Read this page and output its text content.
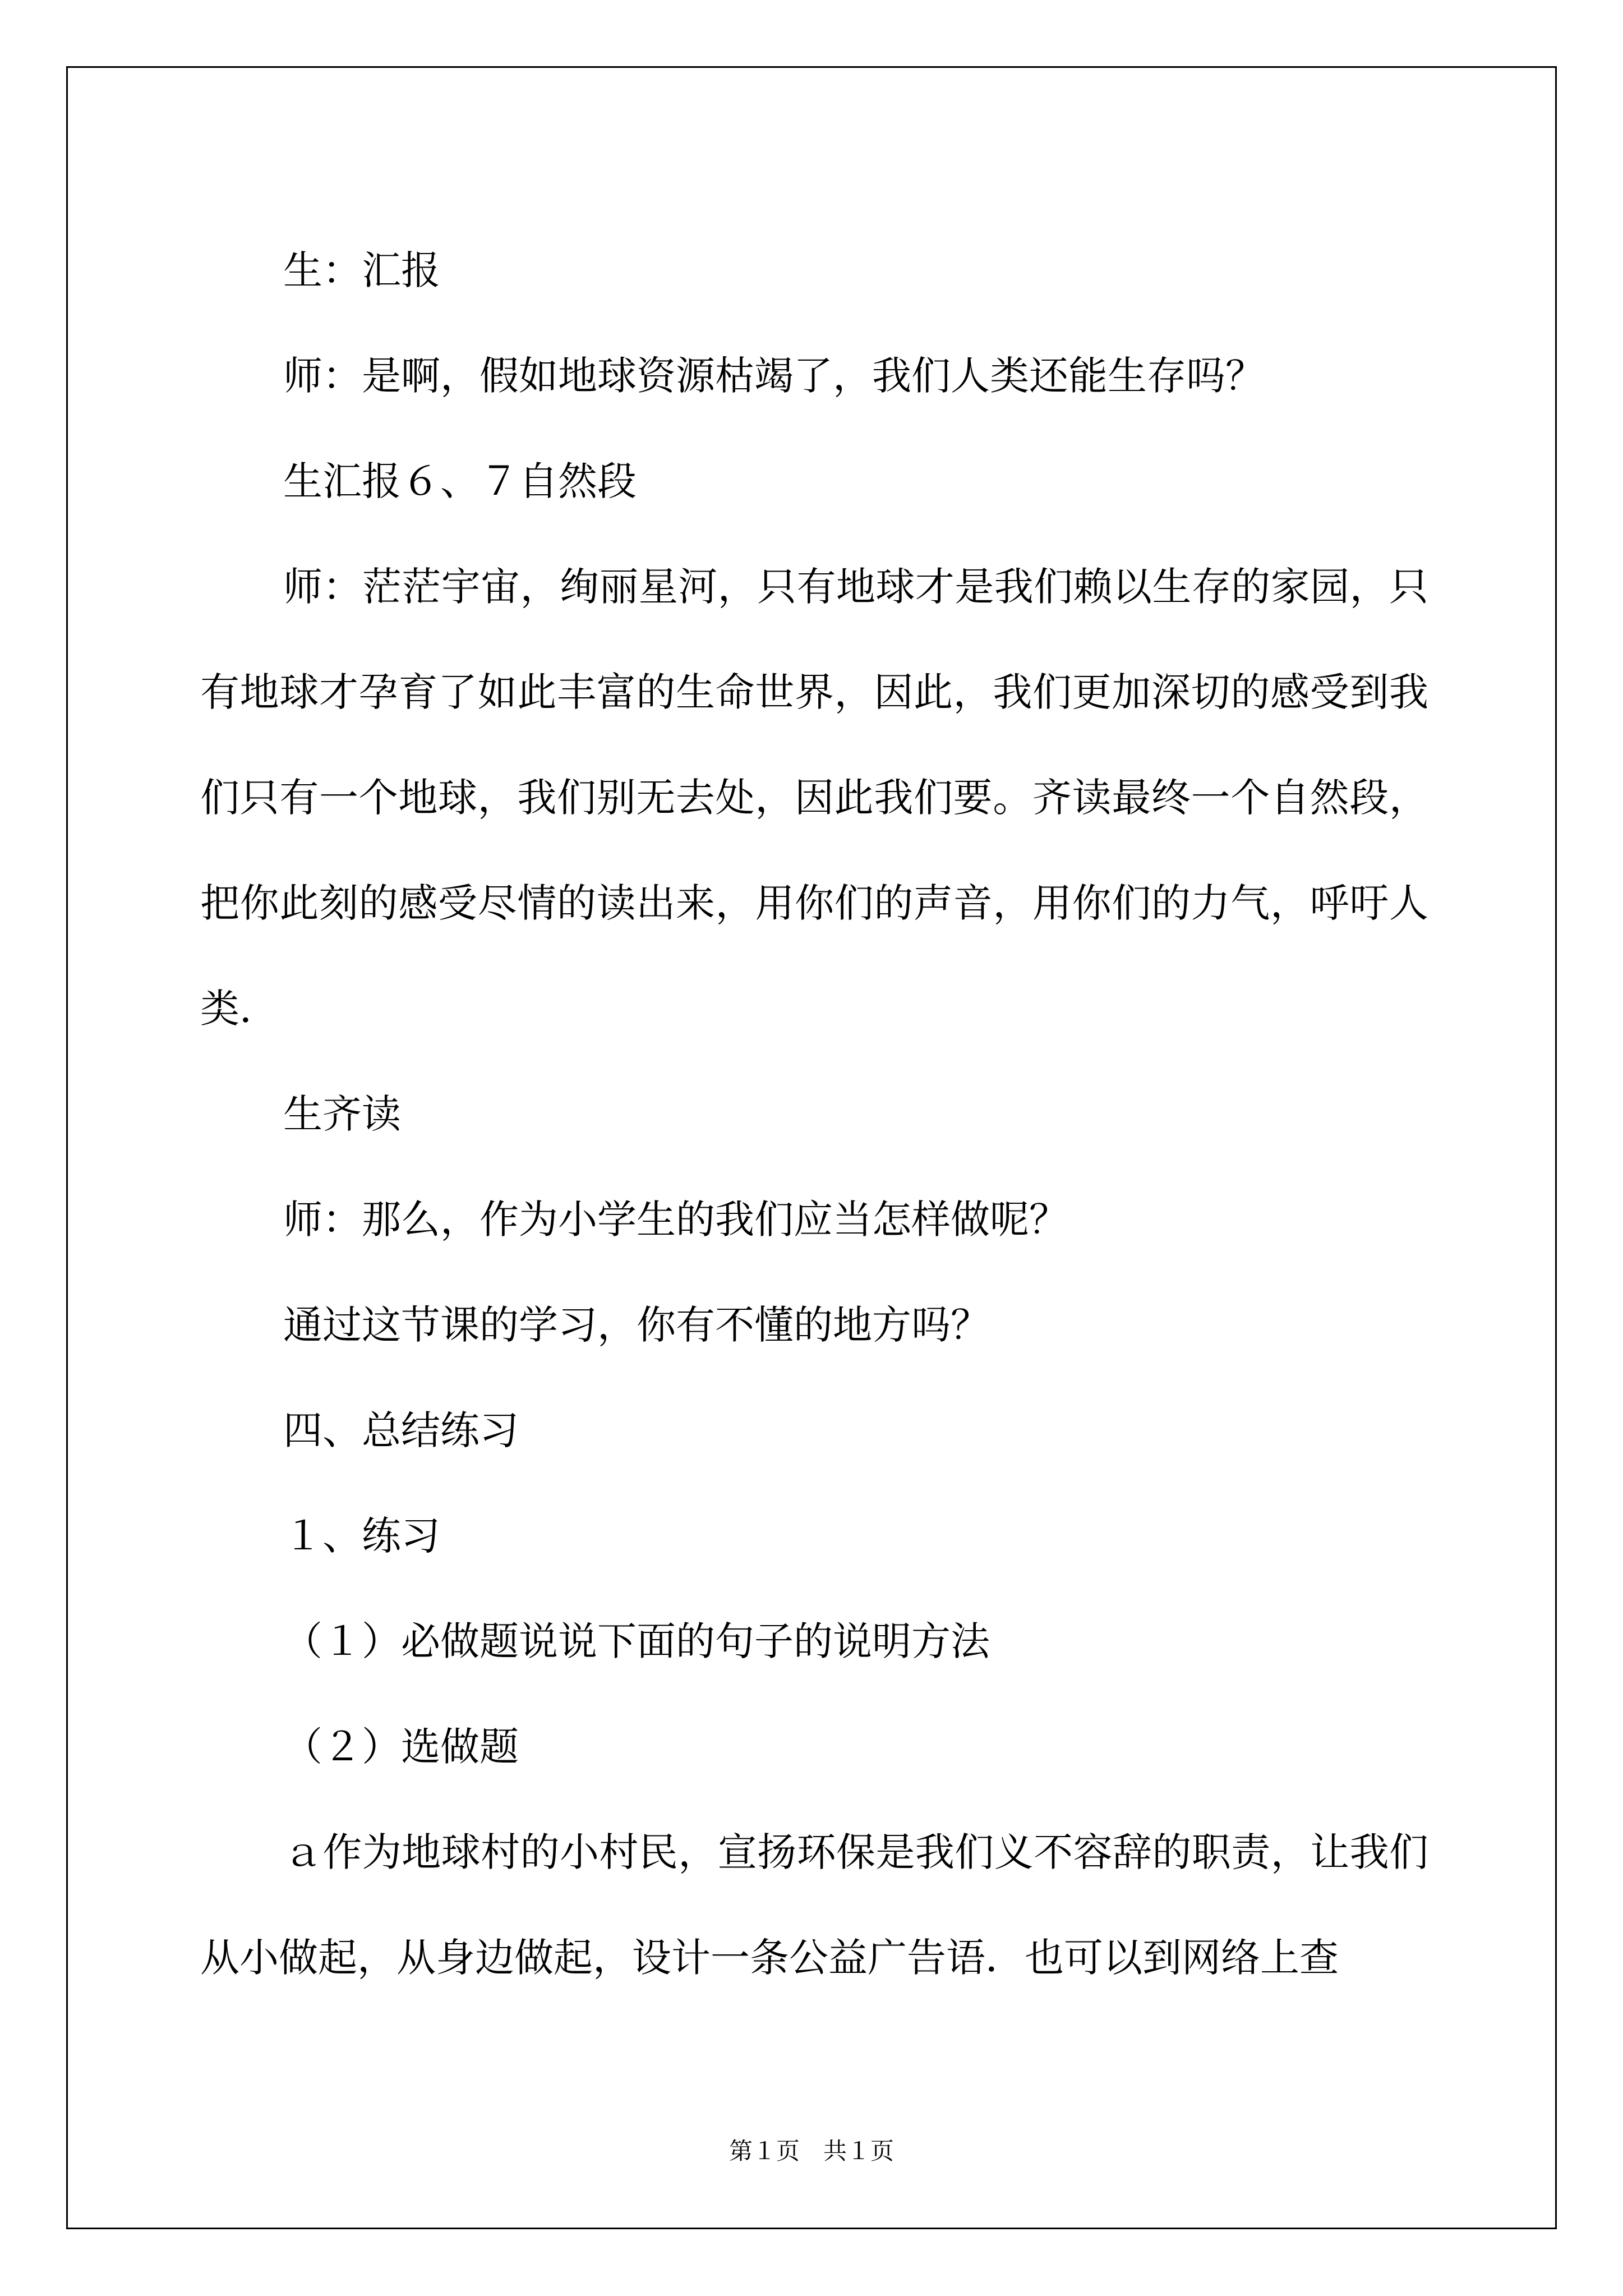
生：汇报

师：是啊，假如地球资源枯竭了，我们人类还能生存吗？

生汇报６、７自然段

师：茫茫宇宙，绚丽星河，只有地球才是我们赖以生存的家园，只有地球才孕育了如此丰富的生命世界，因此，我们更加深切的感受到我们只有一个地球，我们别无去处，因此我们要。齐读最终一个自然段，把你此刻的感受尽情的读出来，用你们的声音，用你们的力气，呼吁人类．

生齐读

师：那么，作为小学生的我们应当怎样做呢？

通过这节课的学习，你有不懂的地方吗？

四、总结练习

１、练习

（１）必做题说说下面的句子的说明方法

（２）选做题

ａ作为地球村的小村民，宣扬环保是我们义不容辞的职责，让我们从小做起，从身边做起，设计一条公益广告语．也可以到网络上查

第１页　共１页
